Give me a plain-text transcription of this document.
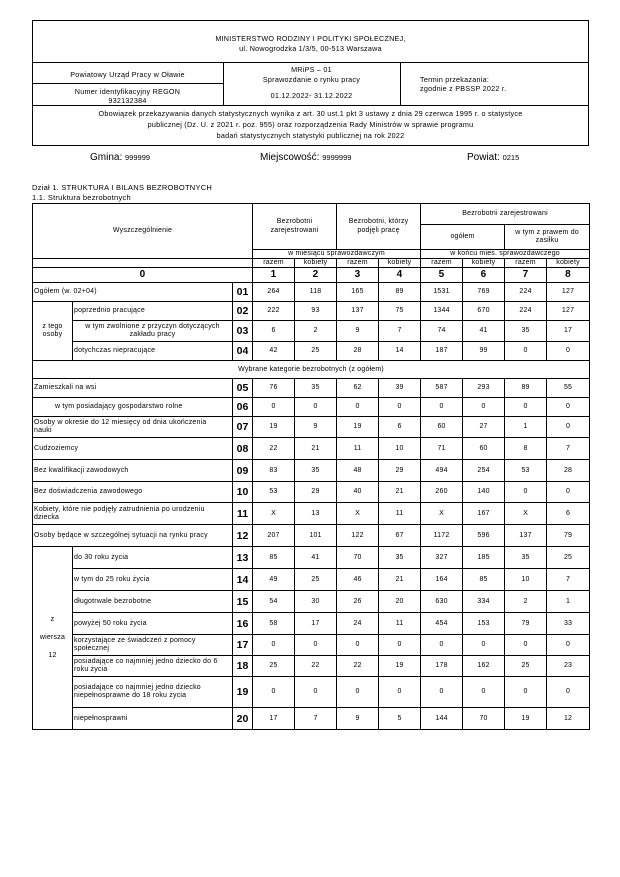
MINISTERSTWO RODZINY I POLITYKI SPOŁECZNEJ,
ul. Nowogrodzka 1/3/5, 00-513 Warszawa
Powiatowy Urząd Pracy w Oławie
Numer identyfikacyjny REGON
932132384
MRiPS – 01
Sprawozdanie o rynku pracy
01.12.2022- 31.12.2022
Termin przekazania:
zgodnie z PBSSP 2022 r.
Obowiązek przekazywania danych statystycznych wynika z art. 30 ust.1 pkt 3 ustawy z dnia 29 czerwca 1995 r. o statystyce
publicznej (Dz. U. z 2021 r. poz. 955) oraz rozporządzenia Rady Ministrów w sprawie programu
badań statystycznych statystyki publicznej na rok 2022
Gmina: 999999	Miejscowość: 9999999	Powiat: 0215
Dział 1. STRUKTURA I BILANS BEZROBOTNYCH
1.1. Struktura bezrobotnych
Wyszczególnienie			Bezrobotni zarejestrowani		Bezrobotni, którzy podjęli pracę		Bezrobotni zarejestrowani			
							ogółem		w tym z prawem do zasiłku	
			w miesiącu sprawozdawczym				w końcu mies. sprawozdawczego			
			razem	kobiety	razem	kobiety	razem	kobiety	razem	kobiety
0			1	2	3	4	5	6	7	8
Ogółem (w. 02+04)		01	264	118	165	89	1531	769	224	127
z tego osoby	poprzednio pracujące	02	222	93	137	75	1344	670	224	127
	w tym zwolnione z przyczyn dotyczących zakładu pracy	03	6	2	9	7	74	41	35	17
	dotychczas niepracujące	04	42	25	28	14	187	99	0	0
Wybrane kategorie bezrobotnych (z ogółem)										
Zamieszkali na wsi		05	76	35	62	39	587	293	89	55
w tym posiadający gospodarstwo rolne		06	0	0	0	0	0	0	0	0
Osoby w okresie do 12 miesięcy od dnia ukończenia nauki		07	19	9	19	6	60	27	1	0
Cudzoziemcy		08	22	21	11	10	71	60	8	7
Bez kwalifikacji zawodowych		09	83	35	48	29	494	254	53	28
Bez doświadczenia zawodowego		10	53	29	40	21	260	140	0	0
Kobiety, które nie podjęły zatrudnienia po urodzeniu dziecka		11	X	13	X	11	X	167	X	6
Osoby będące w szczególnej sytuacji na rynku pracy		12	207	101	122	67	1172	596	137	79

z
wiersza
12	do 30 roku życia	13	85	41	70	35	327	185	35	25
	w tym do 25 roku życia	14	49	25	46	21	164	85	10	7
	długotrwale bezrobotne	15	54	30	26	20	630	334	2	1
	powyżej 50 roku życia	16	58	17	24	11	454	153	79	33
	korzystające ze świadczeń z pomocy społecznej	17	0	0	0	0	0	0	0	0
	posiadające co najmniej jedno dziecko do 6 roku życia	18	25	22	22	19	178	162	25	23
	posiadające co najmniej jedno dziecko niepełnosprawne do 18 roku życia	19	0	0	0	0	0	0	0	0
	niepełnosprawni	20	17	7	9	5	144	70	19	12
